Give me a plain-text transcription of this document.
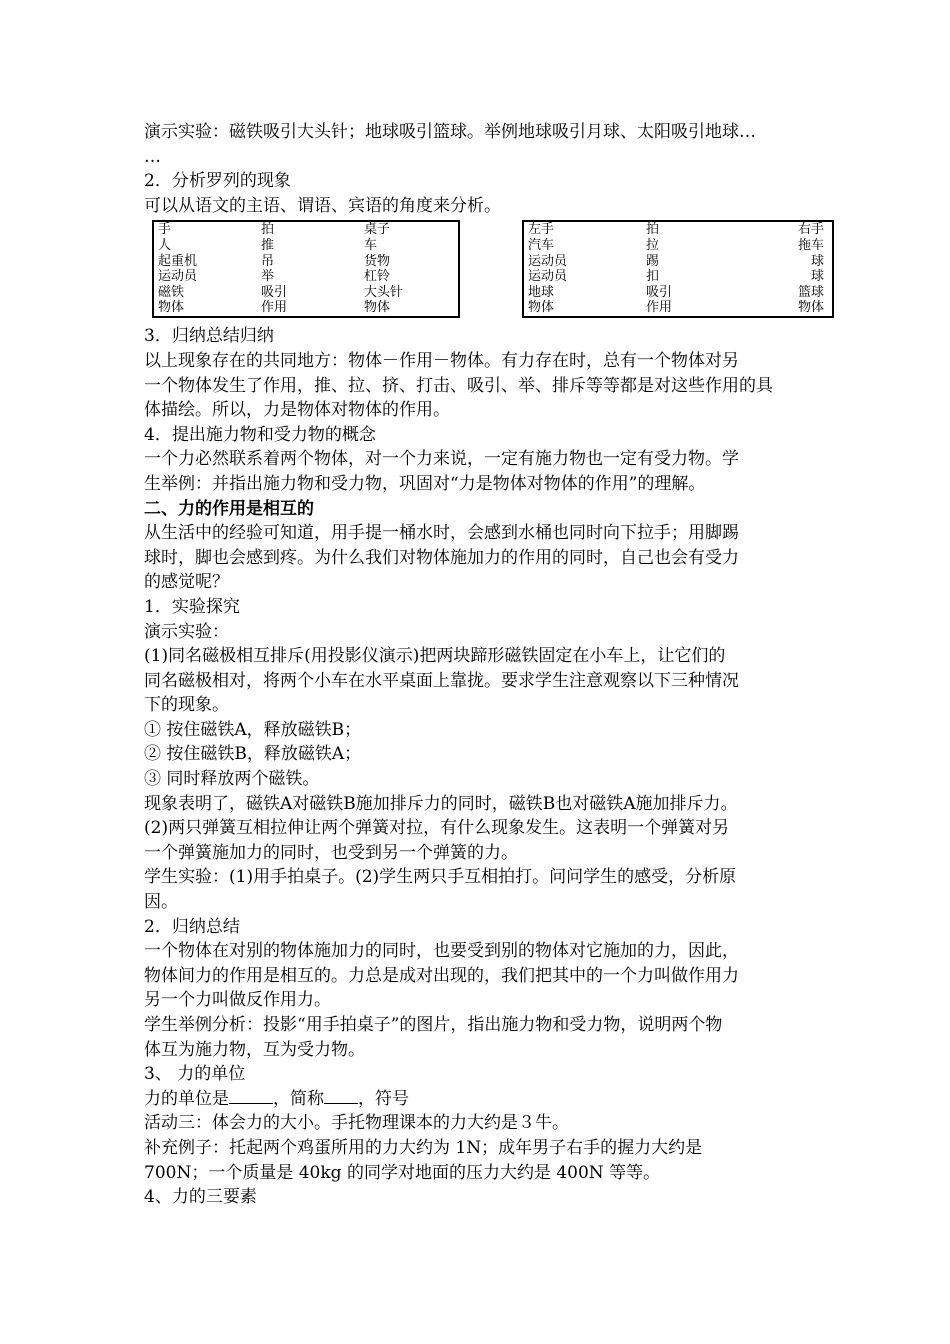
演示实验：磁铁吸引大头针；地球吸引篮球。举例地球吸引月球、太阳吸引地球…
…
2．分析罗列的现象
可以从语文的主语、谓语、宾语的角度来分析。
手	拍	桌子
人	推	车
起重机	吊	货物
运动员	举	杠铃
磁铁	吸引	大头针
物体	作用	物体
左手	拍	右手
汽车	拉	拖车
运动员	踢	球
运动员	扣	球
地球	吸引	篮球
物体	作用	物体
3．归纳总结归纳
以上现象存在的共同地方：物体－作用－物体。有力存在时，总有一个物体对另
一个物体发生了作用，推、拉、挤、打击、吸引、举、排斥等等都是对这些作用的具
体描绘。所以，力是物体对物体的作用。
4．提出施力物和受力物的概念
一个力必然联系着两个物体，对一个力来说，一定有施力物也一定有受力物。学
生举例：并指出施力物和受力物，巩固对“力是物体对物体的作用”的理解。
二、力的作用是相互的
从生活中的经验可知道，用手提一桶水时，会感到水桶也同时向下拉手；用脚踢
球时，脚也会感到疼。为什么我们对物体施加力的作用的同时，自己也会有受力
的感觉呢？
1．实验探究
演示实验：
(1)同名磁极相互排斥(用投影仪演示)把两块蹄形磁铁固定在小车上，让它们的
同名磁极相对，将两个小车在水平桌面上靠拢。要求学生注意观察以下三种情况
下的现象。
① 按住磁铁A，释放磁铁B；
② 按住磁铁B，释放磁铁A；
③ 同时释放两个磁铁。
现象表明了，磁铁A对磁铁B施加排斥力的同时，磁铁B也对磁铁A施加排斥力。
(2)两只弹簧互相拉伸让两个弹簧对拉，有什么现象发生。这表明一个弹簧对另
一个弹簧施加力的同时，也受到另一个弹簧的力。
学生实验：(1)用手拍桌子。(2)学生两只手互相拍打。问问学生的感受，分析原
因。
2．归纳总结
一个物体在对别的物体施加力的同时，也要受到别的物体对它施加的力，因此，
物体间力的作用是相互的。力总是成对出现的，我们把其中的一个力叫做作用力
另一个力叫做反作用力。
学生举例分析：投影“用手拍桌子”的图片，指出施力物和受力物，说明两个物
体互为施力物，互为受力物。
3、 力的单位
力的单位是	，简称 ，符号
活动三：体会力的大小。手托物理课本的力大约是３牛。
补充例子：托起两个鸡蛋所用的力大约为 1N；成年男子右手的握力大约是
700N；一个质量是 40kg 的同学对地面的压力大约是 400N 等等。
4、力的三要素
